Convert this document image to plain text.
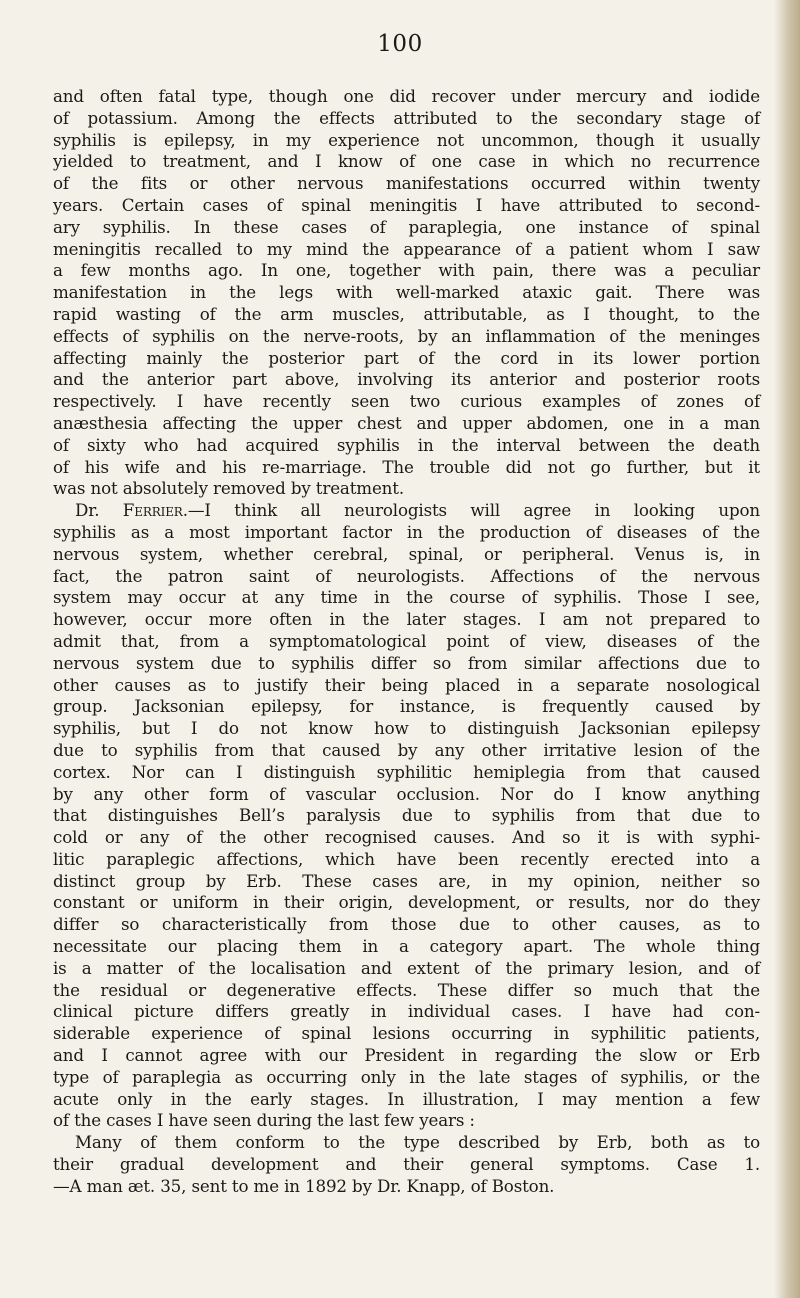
100
and often fatal type, though one did recover under mercury and iodide
of potassium. Among the effects attributed to the secondary stage of
syphilis is epilepsy, in my experience not uncommon, though it usually
yielded to treatment, and I know of one case in which no recurrence
of the fits or other nervous manifestations occurred within twenty
years. Certain cases of spinal meningitis I have attributed to second-
ary syphilis. In these cases of paraplegia, one instance of spinal
meningitis recalled to my mind the appearance of a patient whom I saw
a few months ago. In one, together with pain, there was a peculiar
manifestation in the legs with well-marked ataxic gait. There was
rapid wasting of the arm muscles, attributable, as I thought, to the
effects of syphilis on the nerve-roots, by an inflammation of the meninges
affecting mainly the posterior part of the cord in its lower portion
and the anterior part above, involving its anterior and posterior roots
respectively. I have recently seen two curious examples of zones of
anæsthesia affecting the upper chest and upper abdomen, one in a man
of sixty who had acquired syphilis in the interval between the death
of his wife and his re-marriage. The trouble did not go further, but it
was not absolutely removed by treatment.
Dr. Ferrier.—I think all neurologists will agree in looking upon
syphilis as a most important factor in the production of diseases of the
nervous system, whether cerebral, spinal, or peripheral. Venus is, in
fact, the patron saint of neurologists. Affections of the nervous
system may occur at any time in the course of syphilis. Those I see,
however, occur more often in the later stages. I am not prepared to
admit that, from a symptomatological point of view, diseases of the
nervous system due to syphilis differ so from similar affections due to
other causes as to justify their being placed in a separate nosological
group. Jacksonian epilepsy, for instance, is frequently caused by
syphilis, but I do not know how to distinguish Jacksonian epilepsy
due to syphilis from that caused by any other irritative lesion of the
cortex. Nor can I distinguish syphilitic hemiplegia from that caused
by any other form of vascular occlusion. Nor do I know anything
that distinguishes Bell’s paralysis due to syphilis from that due to
cold or any of the other recognised causes. And so it is with syphi-
litic paraplegic affections, which have been recently erected into a
distinct group by Erb. These cases are, in my opinion, neither so
constant or uniform in their origin, development, or results, nor do they
differ so characteristically from those due to other causes, as to
necessitate our placing them in a category apart. The whole thing
is a matter of the localisation and extent of the primary lesion, and of
the residual or degenerative effects. These differ so much that the
clinical picture differs greatly in individual cases. I have had con-
siderable experience of spinal lesions occurring in syphilitic patients,
and I cannot agree with our President in regarding the slow or Erb
type of paraplegia as occurring only in the late stages of syphilis, or the
acute only in the early stages. In illustration, I may mention a few
of the cases I have seen during the last few years :
Many of them conform to the type described by Erb, both as to
their gradual development and their general symptoms. Case 1.
—A man æt. 35, sent to me in 1892 by Dr. Knapp, of Boston.
